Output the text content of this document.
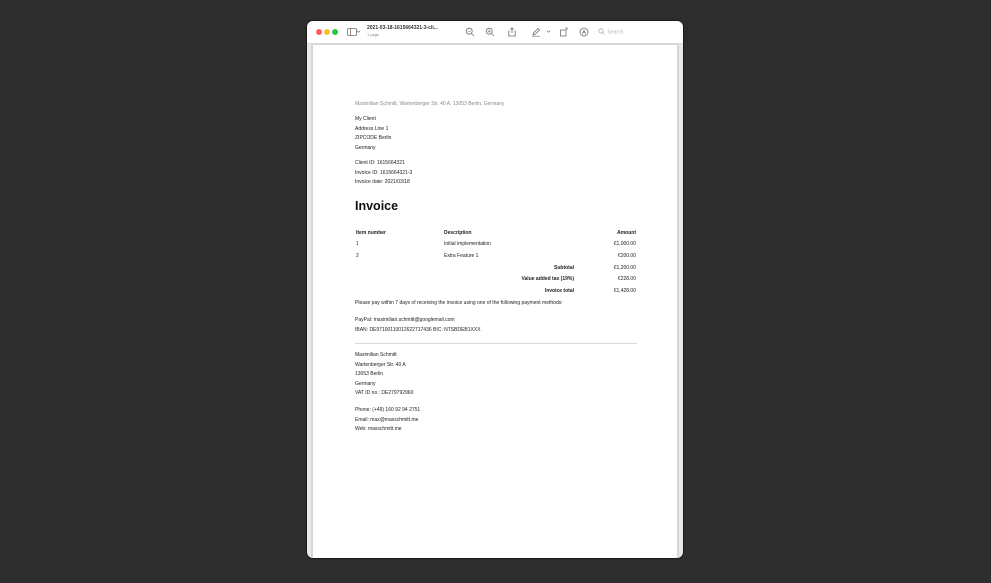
2021-03-18-1615664321-3-cli...
1 page	Search
Maximilian Schmitt, Wartenberger Str. 40 A, 13053 Berlin, Germany
My Client
Address Line 1
ZIPCODE Berlin
Germany
Client ID: 1615664321
Invoice ID: 1615664321-3
Invoice date: 2021/03/18
Invoice
Item number	Description	Amount
1	Initial implementation	€1,000.00
2	Extra Feature 1	€200.00
	Subtotal	€1,200.00
	Value added tax (19%)	€228.00
	Invoice total	€1,428.00
Please pay within 7 days of receiving the invoice using one of the following payment methods:
PayPal: maximilian.schmitt@googlemail.com
IBAN: DE97100110012622717436 BIC: NTSBDEB1XXX
Maximilian Schmitt
Wartenberger Str. 40 A
13053 Berlin
Germany
VAT ID no.: DE279792960
Phone: (+49) 160 92 94 2751
Email: max@maxschmitt.me
Web: maxschmitt.me
